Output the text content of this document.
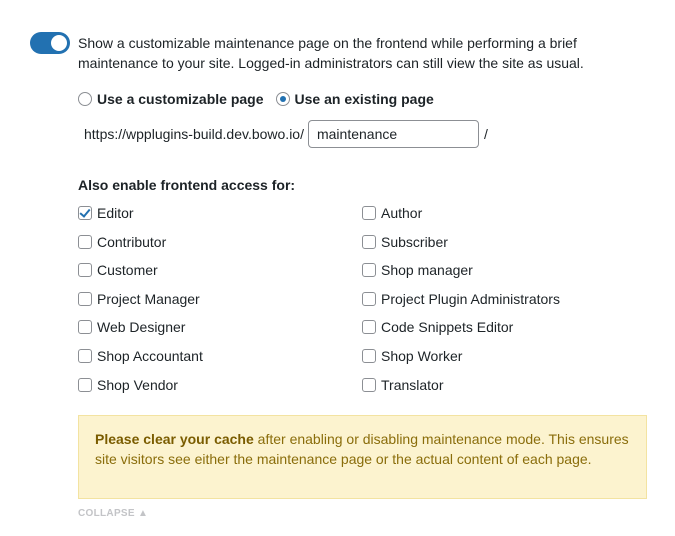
Show a customizable maintenance page on the frontend while performing a brief maintenance to your site. Logged-in administrators can still view the site as usual.
Use a customizable page Use an existing page
https://wpplugins-build.dev.bowo.io/
maintenance	/
Also enable frontend access for:
Editor
Contributor
Customer
Project Manager
Web Designer
Shop Accountant
Shop Vendor
Author
Subscriber
Shop manager
Project Plugin Administrators
Code Snippets Editor
Shop Worker
Translator
Please clear your cache after enabling or disabling maintenance mode. This ensures site visitors see either the maintenance page or the actual content of each page.
COLLAPSE ▲
